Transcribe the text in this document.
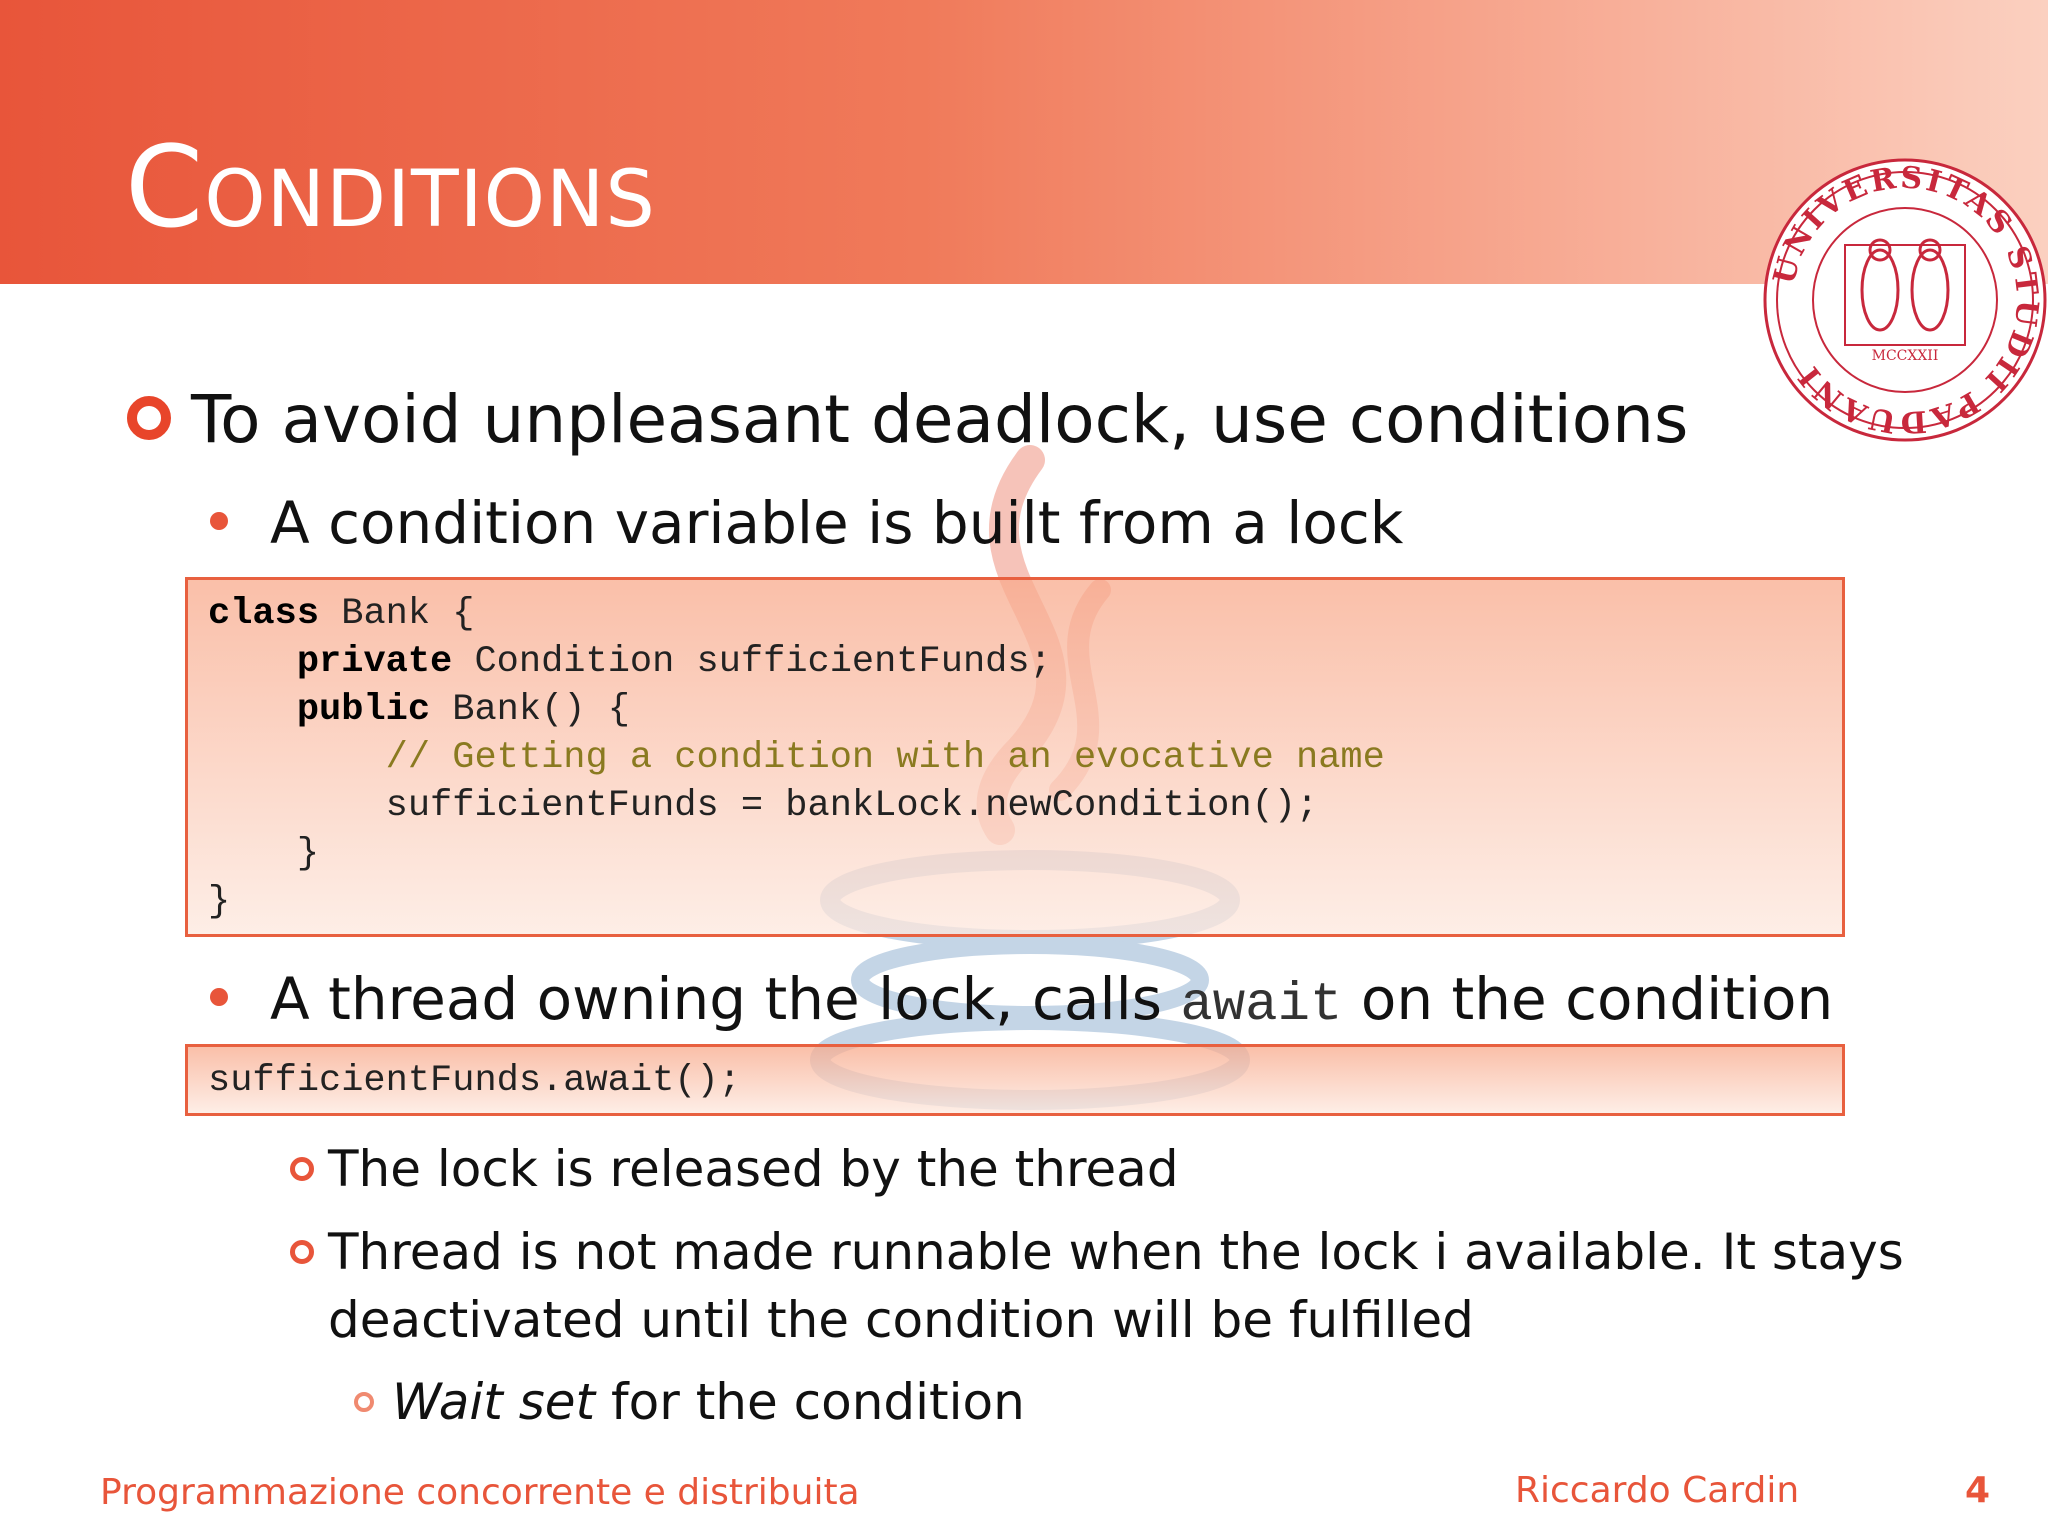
Conditions
UNIVERSITAS STUDII PADUANI
MCCXXII
To avoid unpleasant deadlock, use conditions
A condition variable is built from a lock
class Bank {
private Condition sufficientFunds;
public Bank() {
// Getting a condition with an evocative name
sufficientFunds = bankLock.newCondition();
}
}
A thread owning the lock, calls await on the condition
sufficientFunds.await();
The lock is released by the thread
Thread is not made runnable when the lock i available. It stays
deactivated until the condition will be fulfilled
Wait set for the condition
Programmazione concorrente e distribuita	Riccardo Cardin	4
